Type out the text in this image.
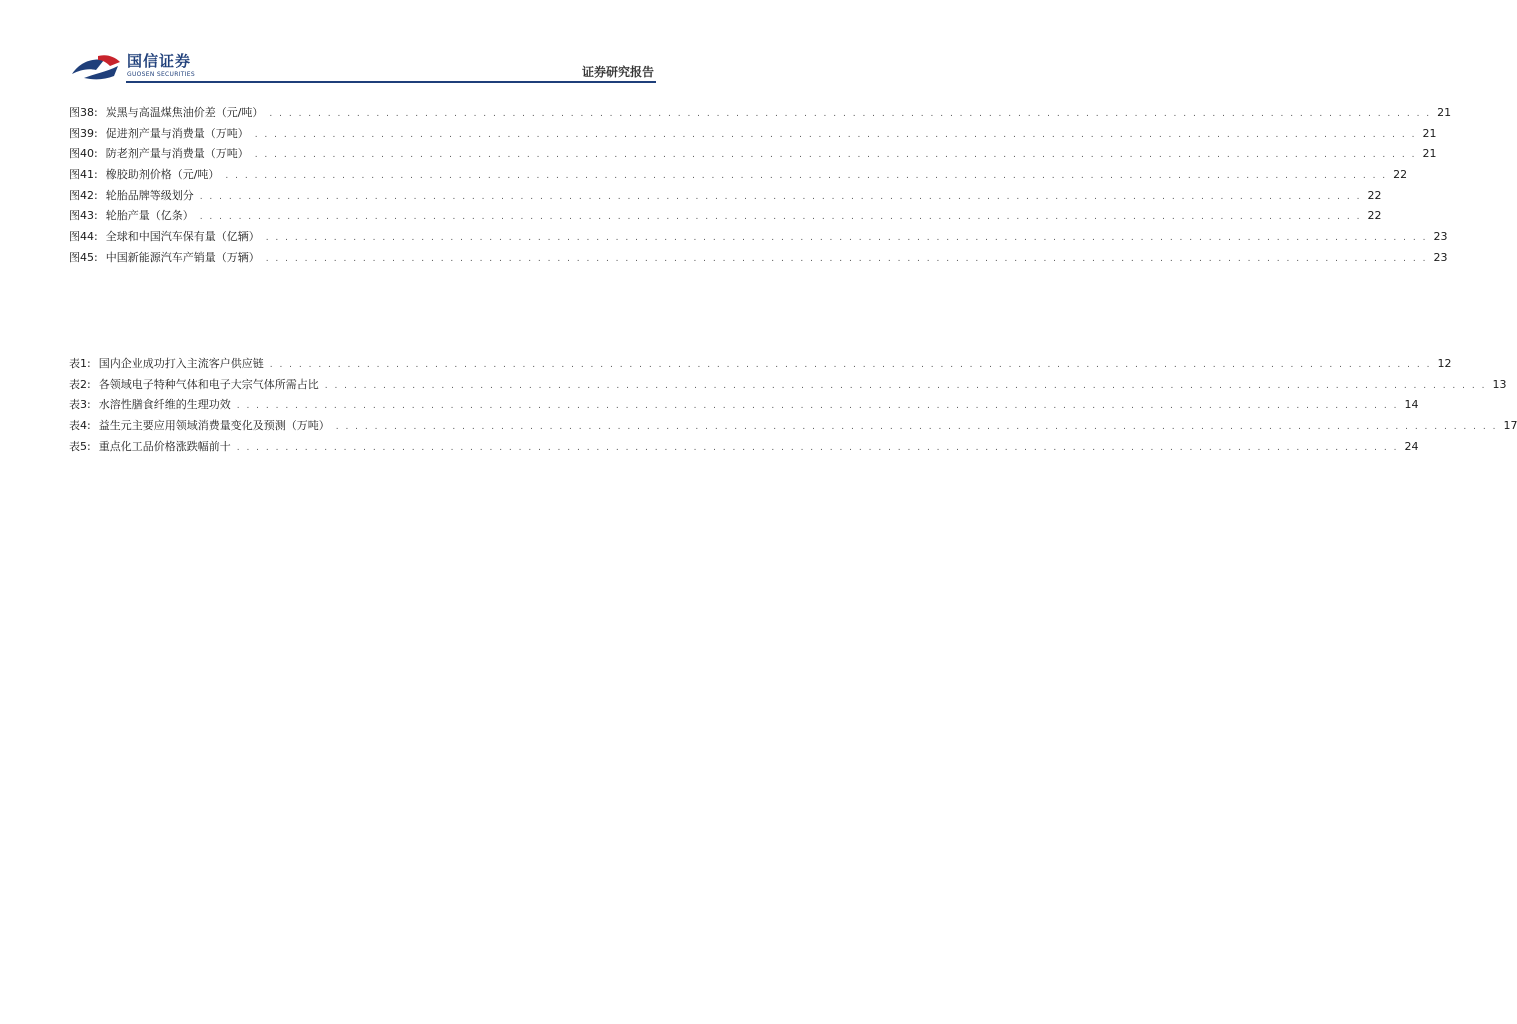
国信证券
GUOSEN SECURITIES	证券研究报告
图38: 炭黑与高温煤焦油价差（元/吨） . . . . . . . . . . . . . . . . . . . . . . . . . . . . . . . . . . . . . . . . . . . . . . . . . . . . . . . . . . . . . . . . . . . . . . . . . . . . . . . . . . . . . . . . . . . . . . . . . . . . . . . . . . . . . . . . . . . . . . . . 21
图39: 促进剂产量与消费量（万吨） . . . . . . . . . . . . . . . . . . . . . . . . . . . . . . . . . . . . . . . . . . . . . . . . . . . . . . . . . . . . . . . . . . . . . . . . . . . . . . . . . . . . . . . . . . . . . . . . . . . . . . . . . . . . . . . . . . . . . . . . 21
图40: 防老剂产量与消费量（万吨） . . . . . . . . . . . . . . . . . . . . . . . . . . . . . . . . . . . . . . . . . . . . . . . . . . . . . . . . . . . . . . . . . . . . . . . . . . . . . . . . . . . . . . . . . . . . . . . . . . . . . . . . . . . . . . . . . . . . . . . . 21
图41: 橡胶助剂价格（元/吨） . . . . . . . . . . . . . . . . . . . . . . . . . . . . . . . . . . . . . . . . . . . . . . . . . . . . . . . . . . . . . . . . . . . . . . . . . . . . . . . . . . . . . . . . . . . . . . . . . . . . . . . . . . . . . . . . . . . . . . . . 22
图42: 轮胎品牌等级划分 . . . . . . . . . . . . . . . . . . . . . . . . . . . . . . . . . . . . . . . . . . . . . . . . . . . . . . . . . . . . . . . . . . . . . . . . . . . . . . . . . . . . . . . . . . . . . . . . . . . . . . . . . . . . . . . . . . . . . . . . 22
图43: 轮胎产量（亿条） . . . . . . . . . . . . . . . . . . . . . . . . . . . . . . . . . . . . . . . . . . . . . . . . . . . . . . . . . . . . . . . . . . . . . . . . . . . . . . . . . . . . . . . . . . . . . . . . . . . . . . . . . . . . . . . . . . . . . . . . 22
图44: 全球和中国汽车保有量（亿辆） . . . . . . . . . . . . . . . . . . . . . . . . . . . . . . . . . . . . . . . . . . . . . . . . . . . . . . . . . . . . . . . . . . . . . . . . . . . . . . . . . . . . . . . . . . . . . . . . . . . . . . . . . . . . . . . . . . . . . . . . 23
图45: 中国新能源汽车产销量（万辆） . . . . . . . . . . . . . . . . . . . . . . . . . . . . . . . . . . . . . . . . . . . . . . . . . . . . . . . . . . . . . . . . . . . . . . . . . . . . . . . . . . . . . . . . . . . . . . . . . . . . . . . . . . . . . . . . . . . . . . . . 23
表1: 国内企业成功打入主流客户供应链 . . . . . . . . . . . . . . . . . . . . . . . . . . . . . . . . . . . . . . . . . . . . . . . . . . . . . . . . . . . . . . . . . . . . . . . . . . . . . . . . . . . . . . . . . . . . . . . . . . . . . . . . . . . . . . . . . . . . . . . . 12
表2: 各领域电子特种气体和电子大宗气体所需占比 . . . . . . . . . . . . . . . . . . . . . . . . . . . . . . . . . . . . . . . . . . . . . . . . . . . . . . . . . . . . . . . . . . . . . . . . . . . . . . . . . . . . . . . . . . . . . . . . . . . . . . . . . . . . . . . . . . . . . . . . 13
表3: 水溶性膳食纤维的生理功效 . . . . . . . . . . . . . . . . . . . . . . . . . . . . . . . . . . . . . . . . . . . . . . . . . . . . . . . . . . . . . . . . . . . . . . . . . . . . . . . . . . . . . . . . . . . . . . . . . . . . . . . . . . . . . . . . . . . . . . . . 14
表4: 益生元主要应用领域消费量变化及预测（万吨） . . . . . . . . . . . . . . . . . . . . . . . . . . . . . . . . . . . . . . . . . . . . . . . . . . . . . . . . . . . . . . . . . . . . . . . . . . . . . . . . . . . . . . . . . . . . . . . . . . . . . . . . . . . . . . . . . . . . . . . . 17
表5: 重点化工品价格涨跌幅前十 . . . . . . . . . . . . . . . . . . . . . . . . . . . . . . . . . . . . . . . . . . . . . . . . . . . . . . . . . . . . . . . . . . . . . . . . . . . . . . . . . . . . . . . . . . . . . . . . . . . . . . . . . . . . . . . . . . . . . . . . 24
